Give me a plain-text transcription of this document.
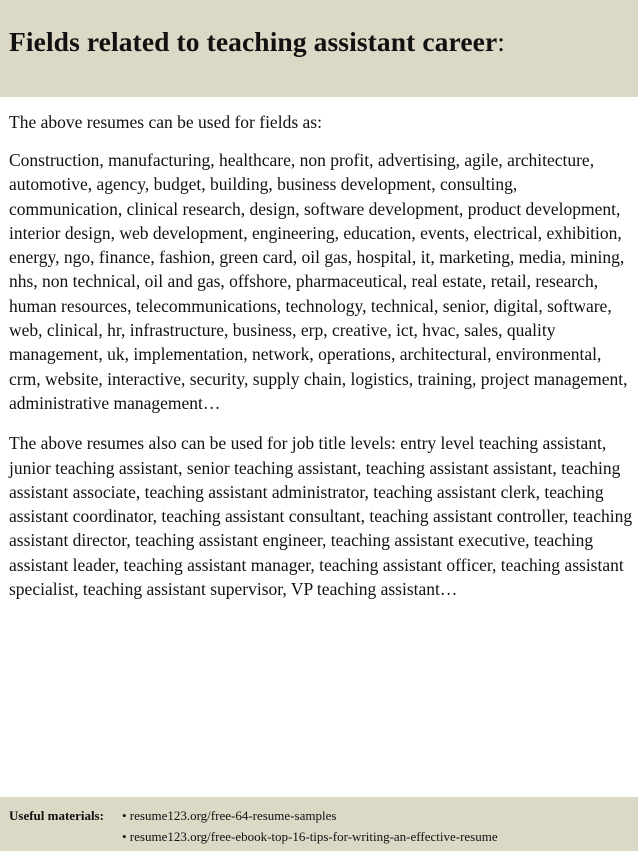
Fields related to teaching assistant career:

The above resumes can be used for fields as:

Construction, manufacturing, healthcare, non profit, advertising, agile, architecture, automotive, agency, budget, building, business development, consulting, communication, clinical research, design, software development, product development, interior design, web development, engineering, education, events, electrical, exhibition, energy, ngo, finance, fashion, green card, oil gas, hospital, it, marketing, media, mining, nhs, non technical, oil and gas, offshore, pharmaceutical, real estate, retail, research, human resources, telecommunications, technology, technical, senior, digital, software, web, clinical, hr, infrastructure, business, erp, creative, ict, hvac, sales, quality management, uk, implementation, network, operations, architectural, environmental, crm, website, interactive, security, supply chain, logistics, training, project management, administrative management…

The above resumes also can be used for job title levels: entry level teaching assistant, junior teaching assistant, senior teaching assistant, teaching assistant assistant, teaching assistant associate, teaching assistant administrator, teaching assistant clerk, teaching assistant coordinator, teaching assistant consultant, teaching assistant controller, teaching assistant director, teaching assistant engineer, teaching assistant executive, teaching assistant leader, teaching assistant manager, teaching assistant officer, teaching assistant specialist, teaching assistant supervisor, VP teaching assistant…

Useful materials:	• resume123.org/free-64-resume-samples
• resume123.org/free-ebook-top-16-tips-for-writing-an-effective-resume
